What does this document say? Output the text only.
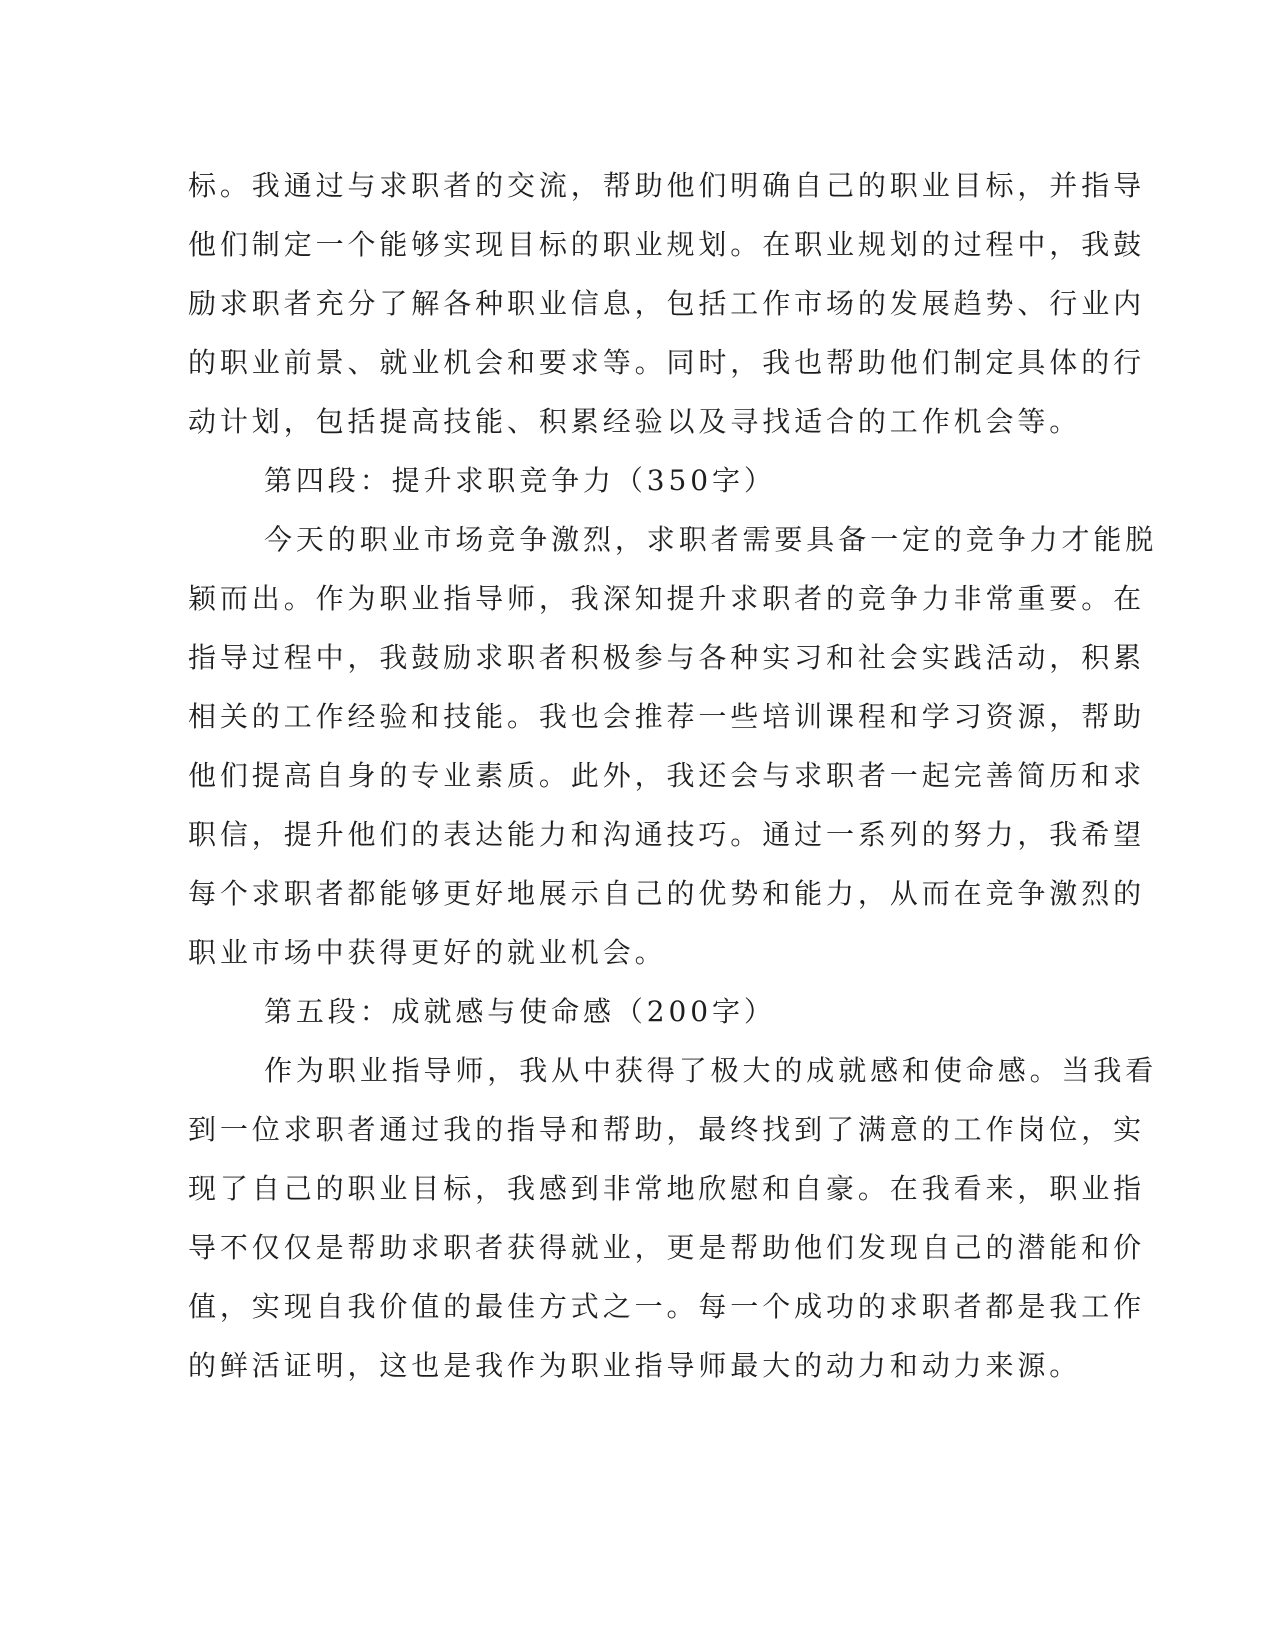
标。我通过与求职者的交流，帮助他们明确自己的职业目标，并指导

他们制定一个能够实现目标的职业规划。在职业规划的过程中，我鼓

励求职者充分了解各种职业信息，包括工作市场的发展趋势、行业内

的职业前景、就业机会和要求等。同时，我也帮助他们制定具体的行

动计划，包括提高技能、积累经验以及寻找适合的工作机会等。

第四段：提升求职竞争力（350字）

今天的职业市场竞争激烈，求职者需要具备一定的竞争力才能脱

颖而出。作为职业指导师，我深知提升求职者的竞争力非常重要。在

指导过程中，我鼓励求职者积极参与各种实习和社会实践活动，积累

相关的工作经验和技能。我也会推荐一些培训课程和学习资源，帮助

他们提高自身的专业素质。此外，我还会与求职者一起完善简历和求

职信，提升他们的表达能力和沟通技巧。通过一系列的努力，我希望

每个求职者都能够更好地展示自己的优势和能力，从而在竞争激烈的

职业市场中获得更好的就业机会。

第五段：成就感与使命感（200字）

作为职业指导师，我从中获得了极大的成就感和使命感。当我看

到一位求职者通过我的指导和帮助，最终找到了满意的工作岗位，实

现了自己的职业目标，我感到非常地欣慰和自豪。在我看来，职业指

导不仅仅是帮助求职者获得就业，更是帮助他们发现自己的潜能和价

值，实现自我价值的最佳方式之一。每一个成功的求职者都是我工作

的鲜活证明，这也是我作为职业指导师最大的动力和动力来源。
